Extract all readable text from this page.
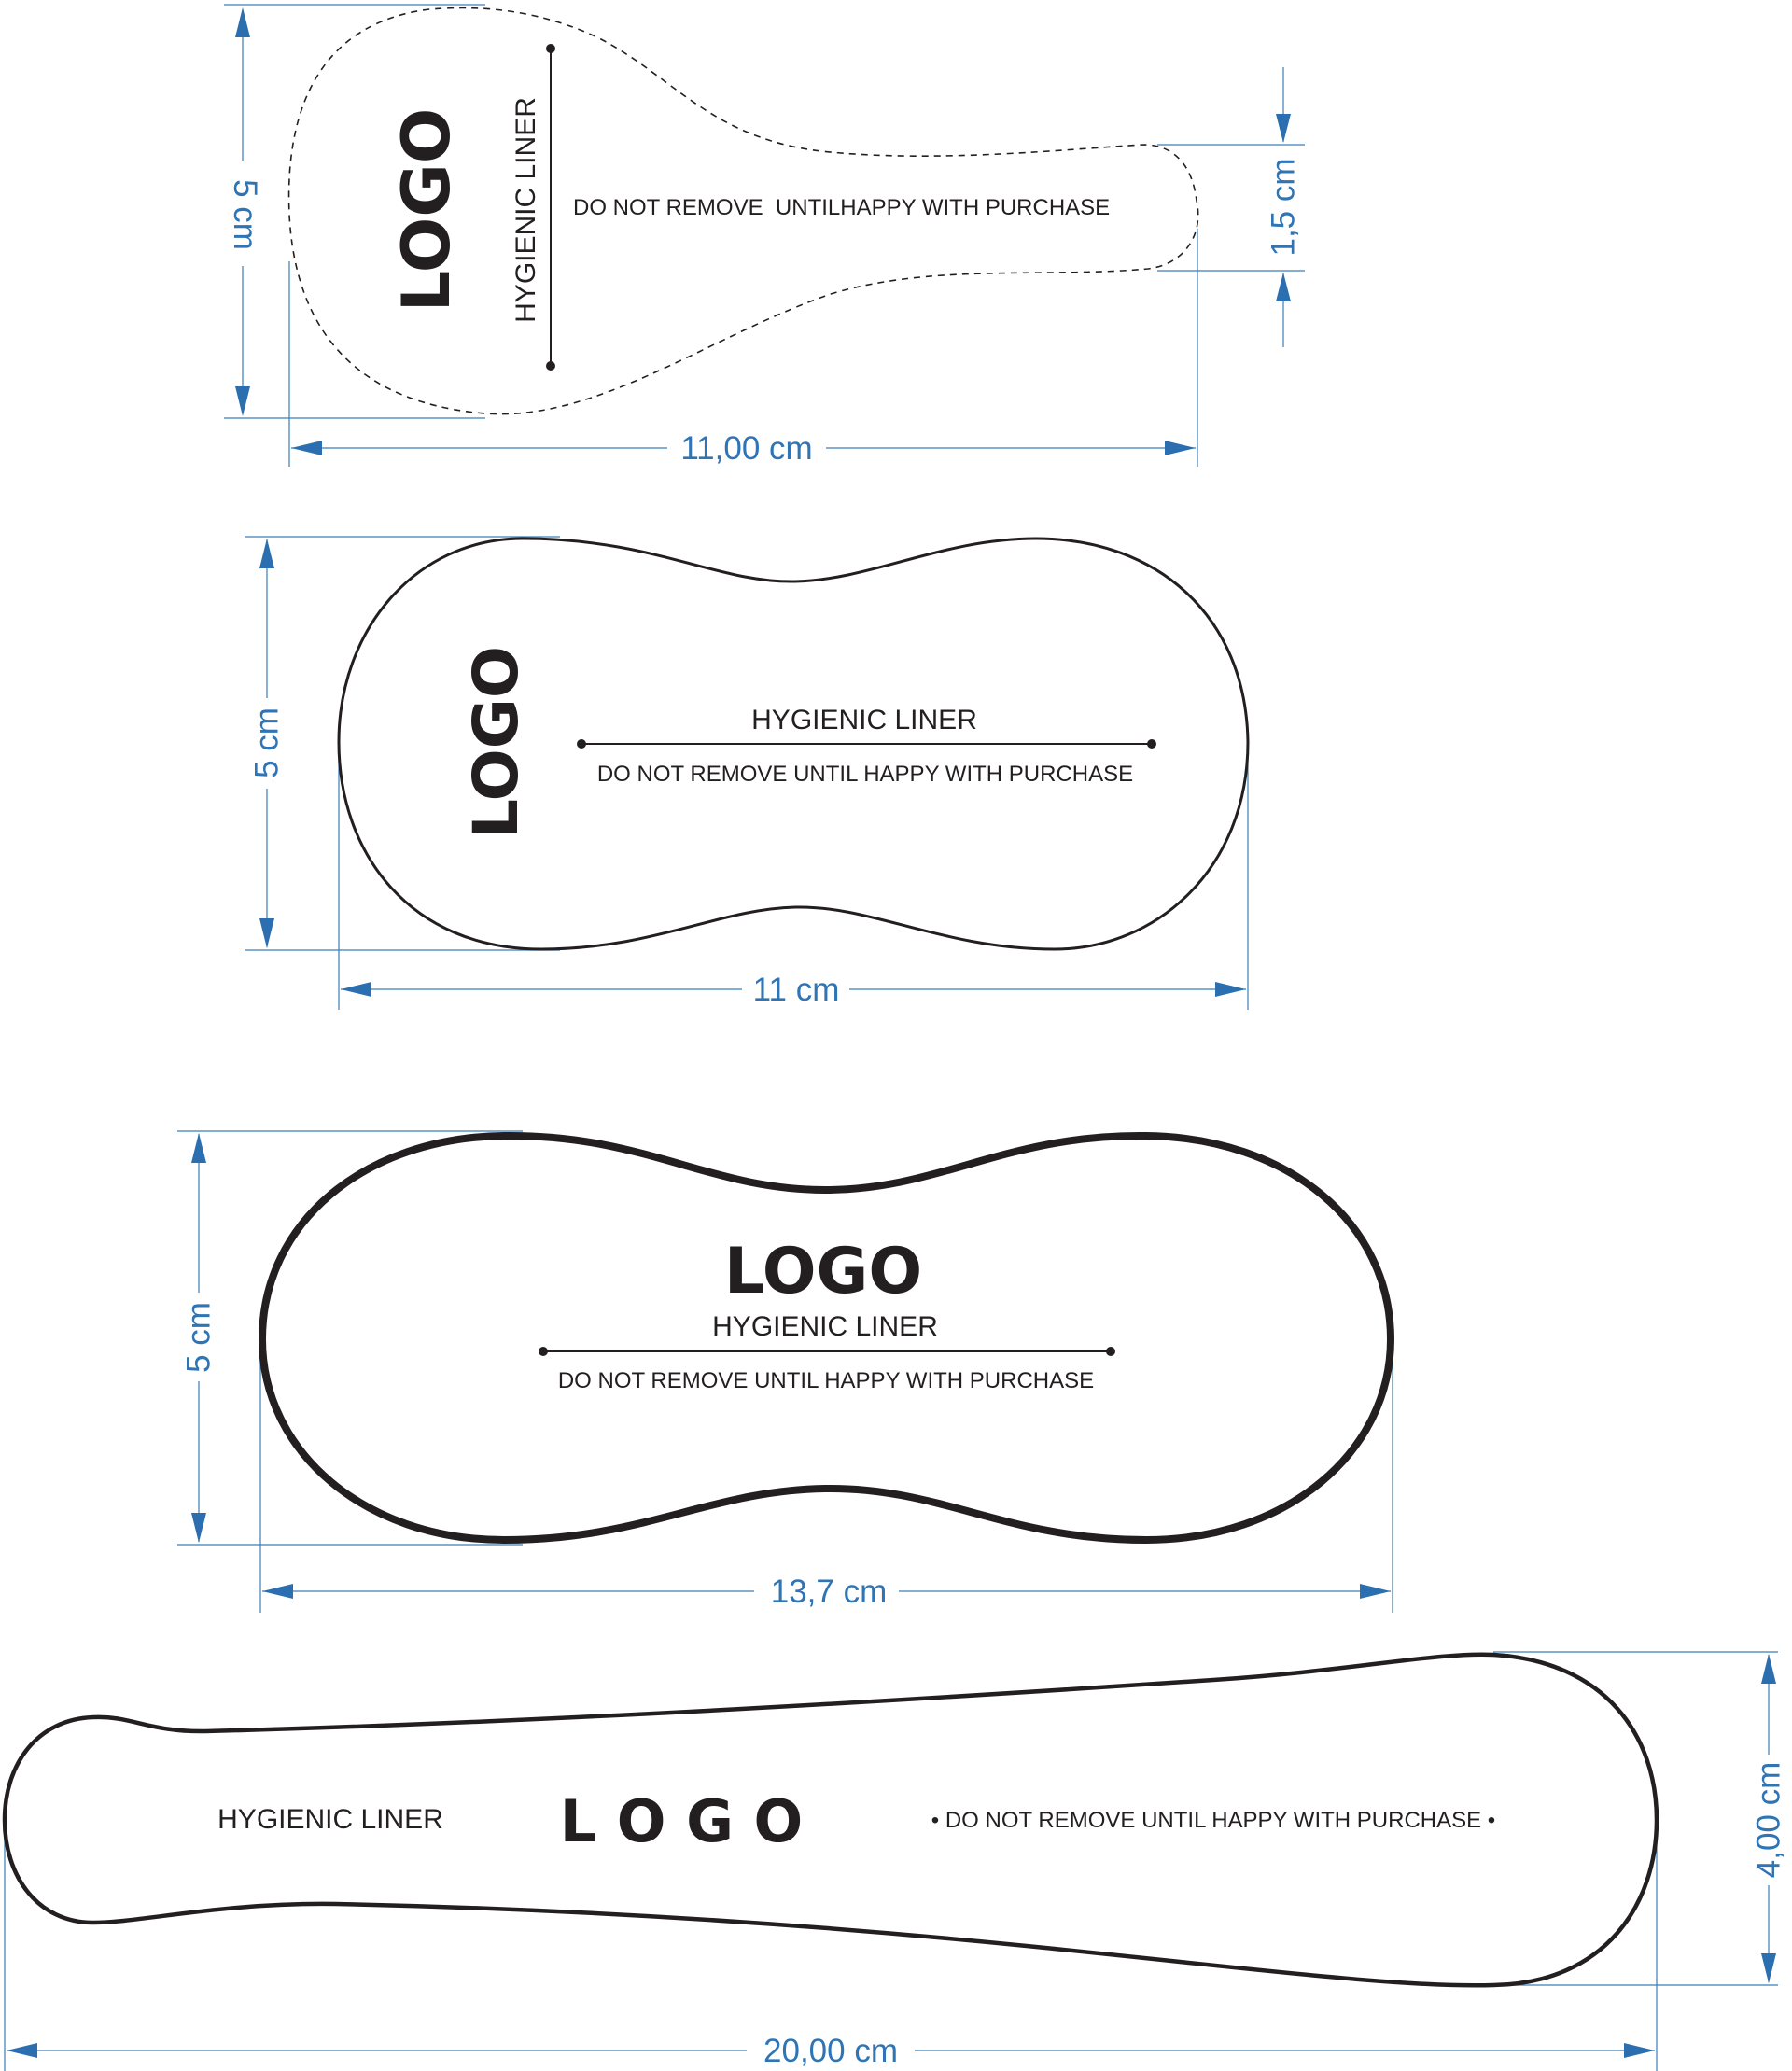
5 cm
11,00 cm
1,5 cm
LOGO HYGIENIC LINER DO NOT REMOVE  UNTILHAPPY WITH PURCHASE
5 cm
11 cm
LOGO	HYGIENIC LINER
DO NOT REMOVE UNTIL HAPPY WITH PURCHASE
5 cm
13,7 cm
LOGO
HYGIENIC LINER
DO NOT REMOVE UNTIL HAPPY WITH PURCHASE
4,00 cm
20,00 cm
HYGIENIC LINER L O G O	• DO NOT REMOVE UNTIL HAPPY WITH PURCHASE •
